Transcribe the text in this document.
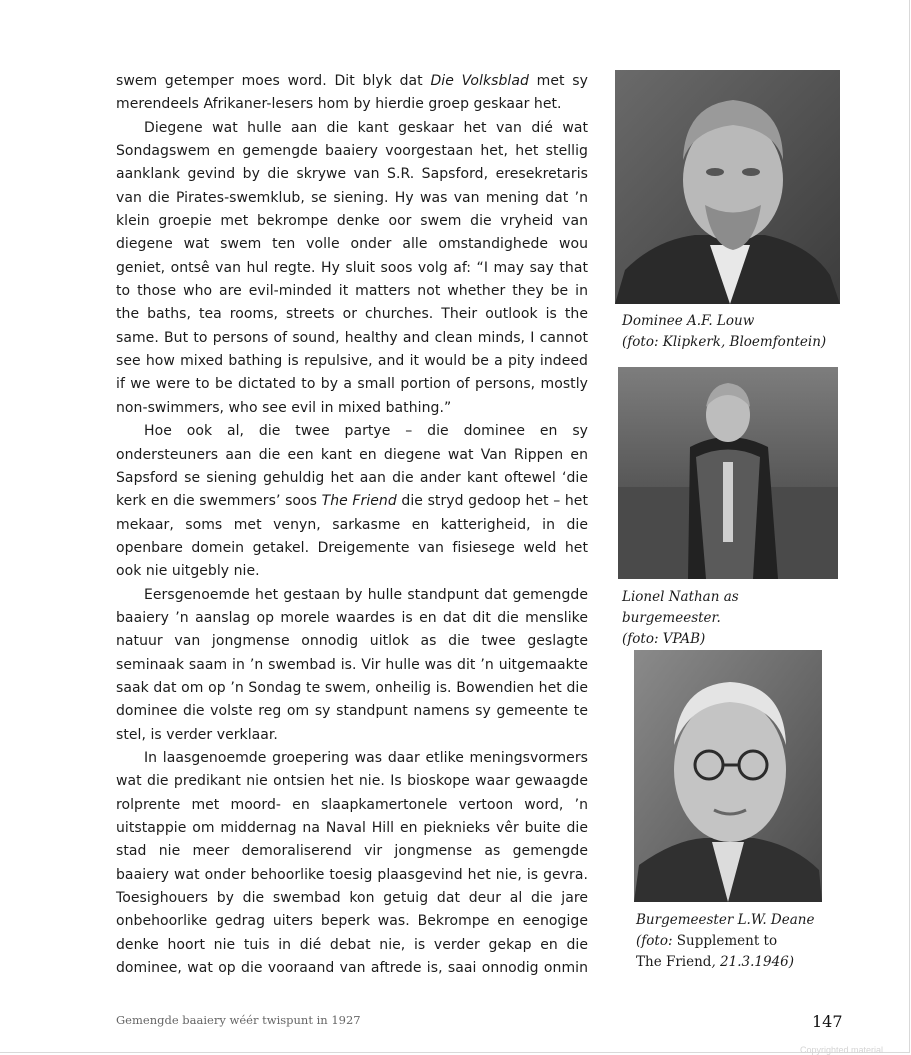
swem getemper moes word. Dit blyk dat Die Volksblad met sy merendeels Afrikaner-lesers hom by hierdie groep geskaar het.

Diegene wat hulle aan die kant geskaar het van dié wat Sondagswem en gemengde baaiery voorgestaan het, het stellig aanklank gevind by die skrywe van S.R. Sapsford, eresekretaris van die Pirates-swemklub, se siening. Hy was van mening dat ’n klein groepie met bekrompe denke oor swem die vryheid van diegene wat swem ten volle onder alle omstandighede wou geniet, ontsê van hul regte. Hy sluit soos volg af: “I may say that to those who are evil-minded it matters not whether they be in the baths, tea rooms, streets or churches. Their outlook is the same. But to persons of sound, healthy and clean minds, I cannot see how mixed bathing is repulsive, and it would be a pity indeed if we were to be dictated to by a small portion of persons, mostly non-swimmers, who see evil in mixed bathing.”

Hoe ook al, die twee partye – die dominee en sy ondersteuners aan die een kant en diegene wat Van Rippen en Sapsford se siening gehuldig het aan die ander kant oftewel ‘die kerk en die swemmers’ soos The Friend die stryd gedoop het – het mekaar, soms met venyn, sarkasme en katterigheid, in die openbare domein getakel. Dreigemente van fisiesege weld het ook nie uitgebly nie.

Eersgenoemde het gestaan by hulle standpunt dat gemengde baaiery ’n aanslag op morele waardes is en dat dit die menslike natuur van jongmense onnodig uitlok as die twee geslagte seminaak saam in ’n swembad is. Vir hulle was dit ’n uitgemaakte saak dat om op ’n Sondag te swem, onheilig is. Bowendien het die dominee die volste reg om sy standpunt namens sy gemeente te stel, is verder verklaar.

In laasgenoemde groepering was daar etlike meningsvormers wat die predikant nie ontsien het nie. Is bioskope waar gewaagde rolprente met moord- en slaapkamertonele vertoon word, ’n uitstappie om middernag na Naval Hill en pieknieks vêr buite die stad nie meer demoraliserend vir jongmense as gemengde baaiery wat onder behoorlike toesig plaasgevind het nie, is gevra. Toesighouers by die swembad kon getuig dat deur al die jare onbehoorlike gedrag uiters beperk was. Bekrompe en eenogige denke hoort nie tuis in dié debat nie, is verder gekap en die dominee, wat op die vooraand van aftrede is, saai onnodig onmin

Dominee A.F. Louw
(foto: Klipkerk, Bloemfontein)
Lionel Nathan as burgemeester.
(foto: VPAB)
Burgemeester L.W. Deane
(foto: Supplement to
The Friend, 21.3.1946)
Gemengde baaiery wéér twispunt in 1927	147
Copyrighted material
